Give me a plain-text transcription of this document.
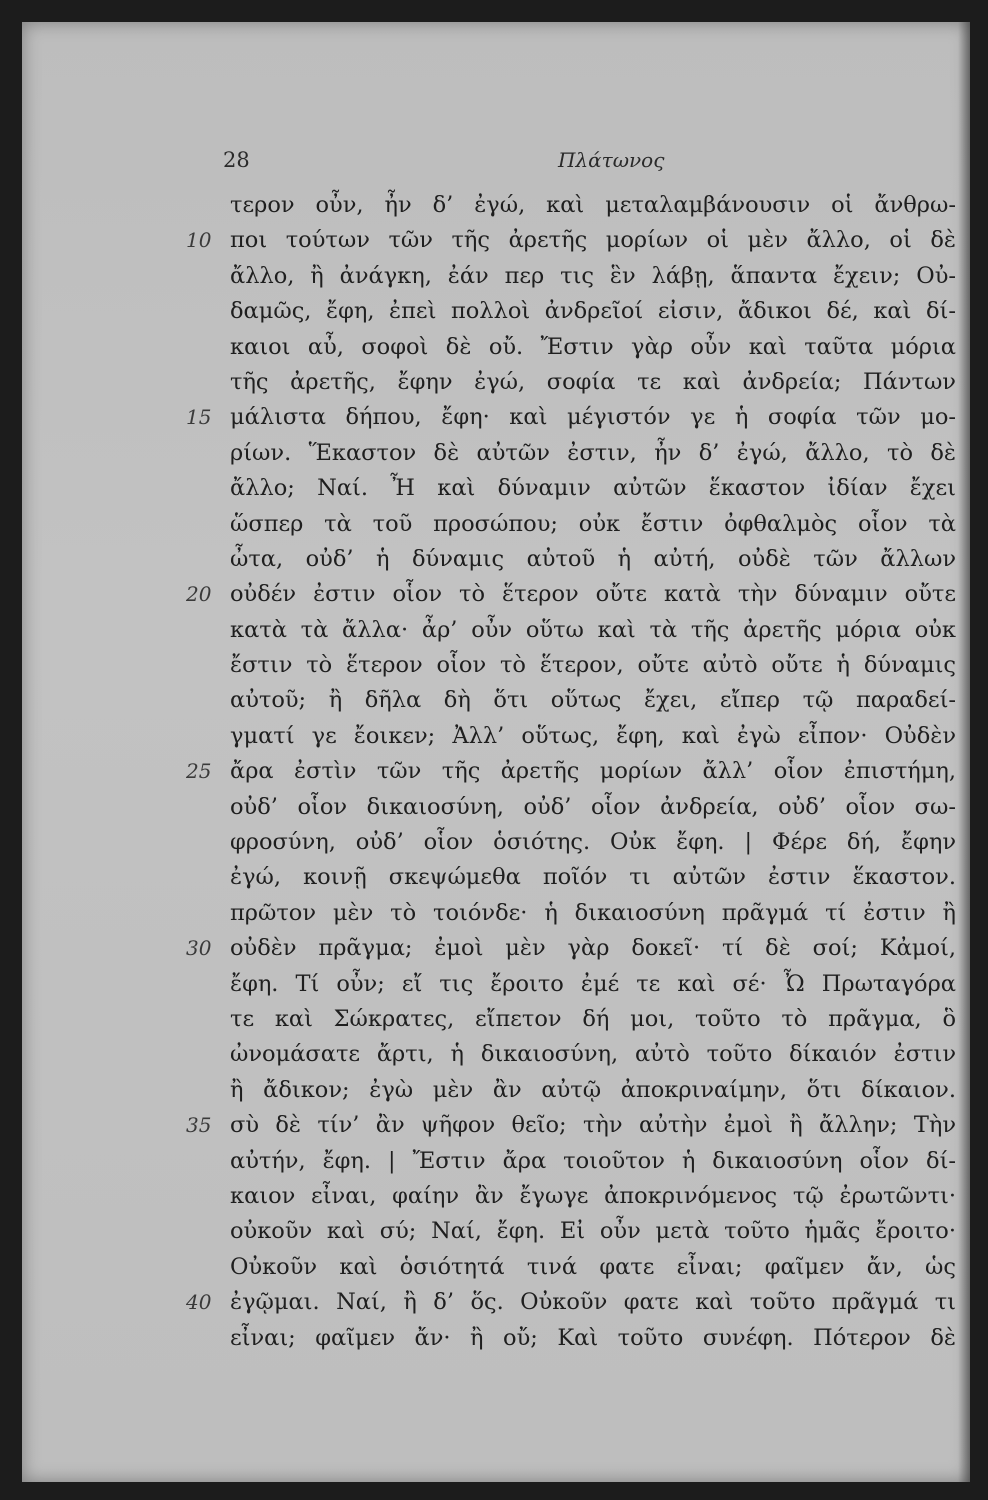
28	Πλάτωνος
τερον οὖν, ἦν δ’ ἐγώ, καὶ μεταλαμβάνουσιν οἱ ἄνθρω-
10 ποι τούτων τῶν τῆς ἀρετῆς μορίων οἱ μὲν ἄλλο, οἱ δὲ
ἄλλο, ἢ ἀνάγκη, ἐάν περ τις ἓν λάβῃ, ἅπαντα ἔχειν; Οὐ-
δαμῶς, ἔφη, ἐπεὶ πολλοὶ ἀνδρεῖοί εἰσιν, ἄδικοι δέ, καὶ δί-
καιοι αὖ, σοφοὶ δὲ οὔ. Ἔστιν γὰρ οὖν καὶ ταῦτα μόρια
τῆς ἀρετῆς, ἔφην ἐγώ, σοφία τε καὶ ἀνδρεία; Πάντων
15 μάλιστα δήπου, ἔφη· καὶ μέγιστόν γε ἡ σοφία τῶν μο-
ρίων. Ἕκαστον δὲ αὐτῶν ἐστιν, ἦν δ’ ἐγώ, ἄλλο, τὸ δὲ
ἄλλο; Ναί. Ἦ καὶ δύναμιν αὐτῶν ἕκαστον ἰδίαν ἔχει
ὥσπερ τὰ τοῦ προσώπου; οὐκ ἔστιν ὀφθαλμὸς οἷον τὰ
ὦτα, οὐδ’ ἡ δύναμις αὐτοῦ ἡ αὐτή, οὐδὲ τῶν ἄλλων
20 οὐδέν ἐστιν οἷον τὸ ἕτερον οὔτε κατὰ τὴν δύναμιν οὔτε
κατὰ τὰ ἄλλα· ἆρ’ οὖν οὕτω καὶ τὰ τῆς ἀρετῆς μόρια οὐκ
ἔστιν τὸ ἕτερον οἷον τὸ ἕτερον, οὔτε αὐτὸ οὔτε ἡ δύναμις
αὐτοῦ; ἢ δῆλα δὴ ὅτι οὕτως ἔχει, εἴπερ τῷ παραδεί-
γματί γε ἔοικεν; Ἀλλ’ οὕτως, ἔφη, καὶ ἐγὼ εἶπον· Οὐδὲν
25 ἄρα ἐστὶν τῶν τῆς ἀρετῆς μορίων ἄλλ’ οἷον ἐπιστήμη,
οὐδ’ οἷον δικαιοσύνη, οὐδ’ οἷον ἀνδρεία, οὐδ’ οἷον σω-
φροσύνη, οὐδ’ οἷον ὁσιότης. Οὐκ ἔφη. | Φέρε δή, ἔφην
ἐγώ, κοινῇ σκεψώμεθα ποῖόν τι αὐτῶν ἐστιν ἕκαστον.
πρῶτον μὲν τὸ τοιόνδε· ἡ δικαιοσύνη πρᾶγμά τί ἐστιν ἢ
30 οὐδὲν πρᾶγμα; ἐμοὶ μὲν γὰρ δοκεῖ· τί δὲ σοί; Κἀμοί,
ἔφη. Τί οὖν; εἴ τις ἔροιτο ἐμέ τε καὶ σέ· Ὦ Πρωταγόρα
τε καὶ Σώκρατες, εἴπετον δή μοι, τοῦτο τὸ πρᾶγμα, ὃ
ὠνομάσατε ἄρτι, ἡ δικαιοσύνη, αὐτὸ τοῦτο δίκαιόν ἐστιν
ἢ ἄδικον; ἐγὼ μὲν ἂν αὐτῷ ἀποκριναίμην, ὅτι δίκαιον.
35 σὺ δὲ τίν’ ἂν ψῆφον θεῖο; τὴν αὐτὴν ἐμοὶ ἢ ἄλλην; Τὴν
αὐτήν, ἔφη. | Ἔστιν ἄρα τοιοῦτον ἡ δικαιοσύνη οἷον δί-
καιον εἶναι, φαίην ἂν ἔγωγε ἀποκρινόμενος τῷ ἐρωτῶντι·
οὐκοῦν καὶ σύ; Ναί, ἔφη. Εἰ οὖν μετὰ τοῦτο ἡμᾶς ἔροιτο·
Οὐκοῦν καὶ ὁσιότητά τινά φατε εἶναι; φαῖμεν ἄν, ὡς
40 ἐγῷμαι. Ναί, ἢ δ’ ὅς. Οὐκοῦν φατε καὶ τοῦτο πρᾶγμά τι
εἶναι; φαῖμεν ἄν· ἢ οὔ; Καὶ τοῦτο συνέφη. Πότερον δὲ
